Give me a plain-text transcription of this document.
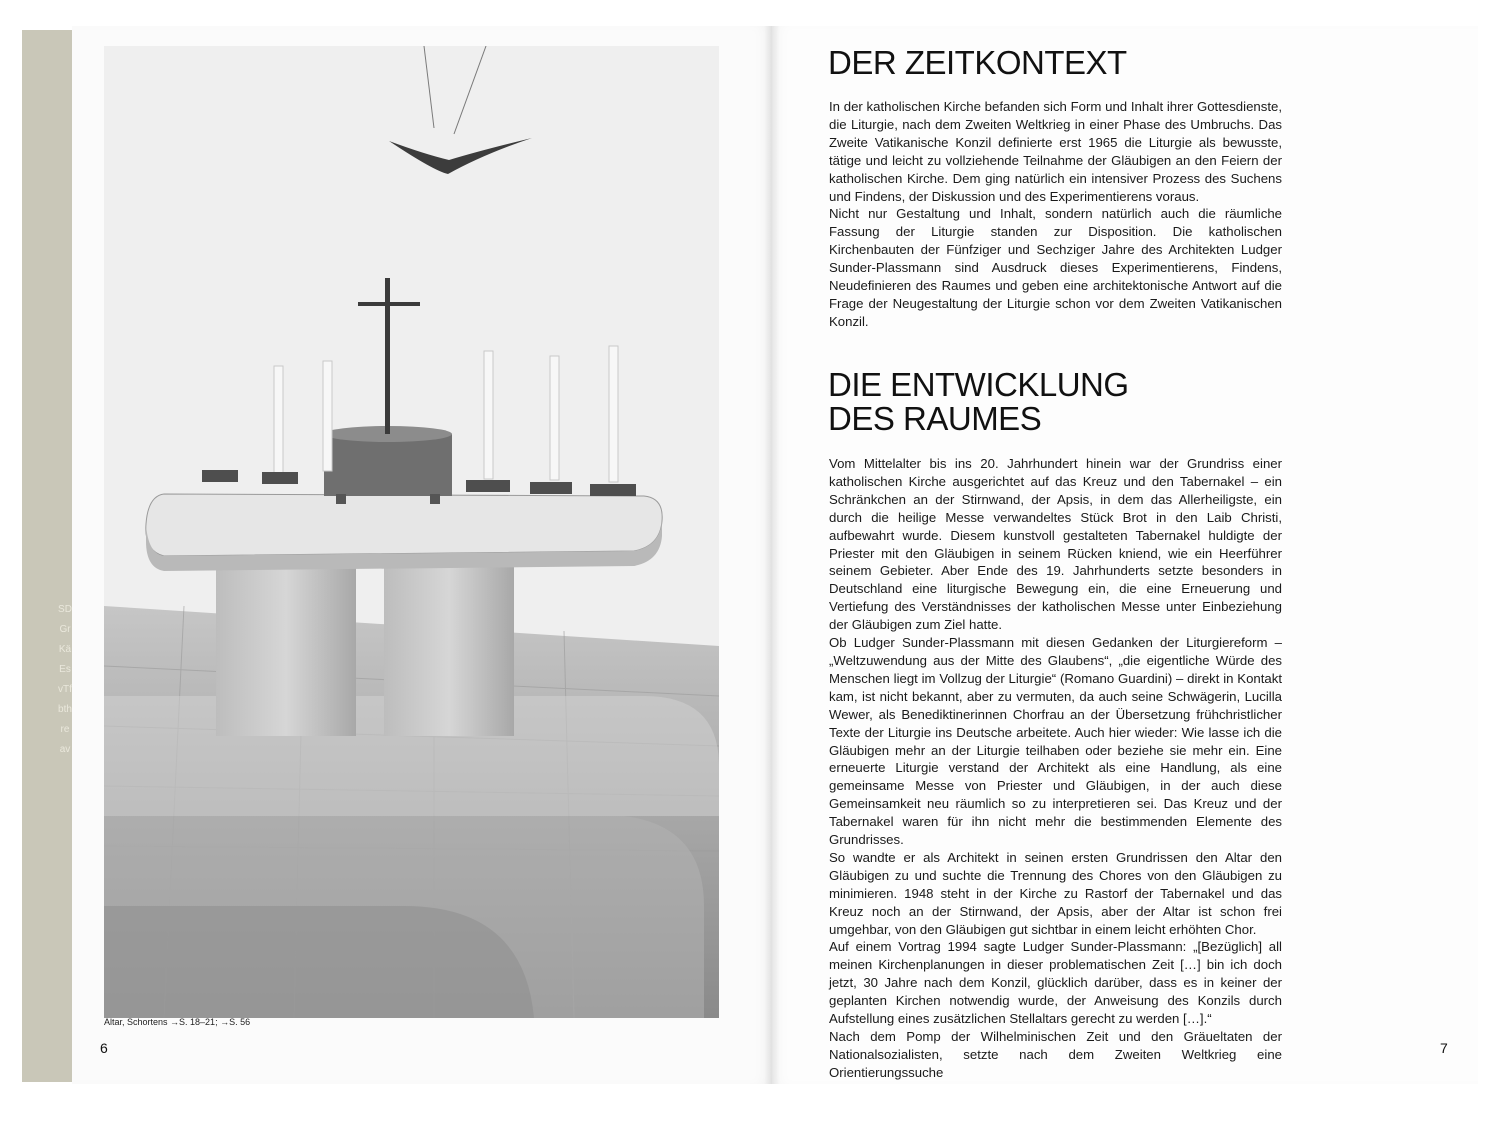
SDGrKäEsvTfbthreav
Altar, Schortens →S. 18–21; →S. 56
6
DER ZEITKONTEXT

In der katholischen Kirche befanden sich Form und Inhalt ihrer Gottesdienste, die Liturgie, nach dem Zweiten Weltkrieg in einer Phase des Umbruchs. Das Zweite Vatikanische Konzil definierte erst 1965 die Liturgie als bewusste, tätige und leicht zu vollziehende Teilnahme der Gläubigen an den Feiern der katholischen Kirche. Dem ging natürlich ein intensiver Prozess des Suchens und Findens, der Diskussion und des Experimentierens voraus.

Nicht nur Gestaltung und Inhalt, sondern natürlich auch die räumliche Fassung der Liturgie standen zur Disposition. Die katholischen Kirchenbauten der Fünfziger und Sechziger Jahre des Architekten Ludger Sunder-Plassmann sind Ausdruck dieses Experimentierens, Findens, Neudefinieren des Raumes und geben eine architektonische Antwort auf die Frage der Neugestaltung der Liturgie schon vor dem Zweiten Vatikanischen Konzil.

DIE ENTWICKLUNG
DES RAUMES

Vom Mittelalter bis ins 20. Jahrhundert hinein war der Grundriss einer katholischen Kirche ausgerichtet auf das Kreuz und den Tabernakel – ein Schränkchen an der Stirnwand, der Apsis, in dem das Allerheiligste, ein durch die heilige Messe verwandeltes Stück Brot in den Laib Christi, aufbewahrt wurde. Diesem kunstvoll gestalteten Tabernakel huldigte der Priester mit den Gläubigen in seinem Rücken kniend, wie ein Heerführer seinem Gebieter. Aber Ende des 19. Jahrhunderts setzte besonders in Deutschland eine liturgische Bewegung ein, die eine Erneuerung und Vertiefung des Verständnisses der katholischen Messe unter Einbeziehung der Gläubigen zum Ziel hatte.

Ob Ludger Sunder-Plassmann mit diesen Gedanken der Liturgiereform – „Weltzuwendung aus der Mitte des Glaubens“, „die eigentliche Würde des Menschen liegt im Vollzug der Liturgie“ (Romano Guardini) – direkt in Kontakt kam, ist nicht bekannt, aber zu vermuten, da auch seine Schwägerin, Lucilla Wewer, als Benediktinerinnen Chorfrau an der Übersetzung frühchristlicher Texte der Liturgie ins Deutsche arbeitete. Auch hier wieder: Wie lasse ich die Gläubigen mehr an der Liturgie teilhaben oder beziehe sie mehr ein. Eine erneuerte Liturgie verstand der Architekt als eine Handlung, als eine gemeinsame Messe von Priester und Gläubigen, in der auch diese Gemeinsamkeit neu räumlich so zu interpretieren sei. Das Kreuz und der Tabernakel waren für ihn nicht mehr die bestimmenden Elemente des Grundrisses.

So wandte er als Architekt in seinen ersten Grundrissen den Altar den Gläubigen zu und suchte die Trennung des Chores von den Gläubigen zu minimieren. 1948 steht in der Kirche zu Rastorf der Tabernakel und das Kreuz noch an der Stirnwand, der Apsis, aber der Altar ist schon frei umgehbar, von den Gläubigen gut sichtbar in einem leicht erhöhten Chor.

Auf einem Vortrag 1994 sagte Ludger Sunder-Plassmann: „[Bezüglich] all meinen Kirchenplanungen in dieser problematischen Zeit […] bin ich doch jetzt, 30 Jahre nach dem Konzil, glücklich darüber, dass es in keiner der geplanten Kirchen notwendig wurde, der Anweisung des Konzils durch Aufstellung eines zusätzlichen Stellaltars gerecht zu werden […].“

Nach dem Pomp der Wilhelminischen Zeit und den Gräueltaten der Nationalsozialisten, setzte nach dem Zweiten Weltkrieg eine Orientierungssuche

7
